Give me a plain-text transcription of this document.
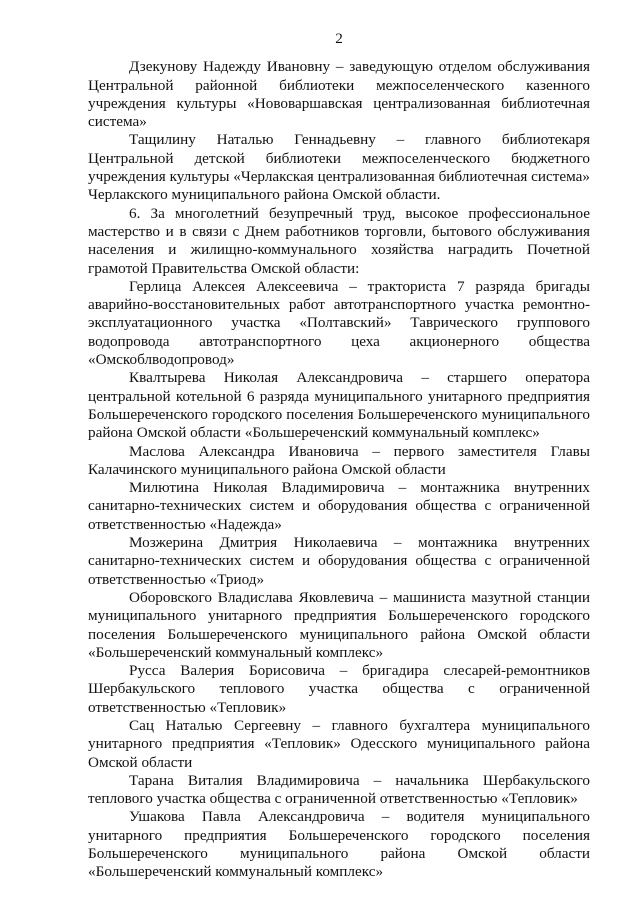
2

Дзекунову Надежду Ивановну – заведующую отделом обслуживания Центральной районной библиотеки межпоселенческого казенного учреждения культуры «Нововаршавская централизованная библиотечная система»

Тащилину Наталью Геннадьевну – главного библиотекаря Центральной детской библиотеки межпоселенческого бюджетного учреждения культуры «Черлакская централизованная библиотечная система» Черлакского муниципального района Омской области.

6. За многолетний безупречный труд, высокое профессиональное мастерство и в связи с Днем работников торговли, бытового обслуживания населения и жилищно-коммунального хозяйства наградить Почетной грамотой Правительства Омской области:

Герлица Алексея Алексеевича – тракториста 7 разряда бригады аварийно-восстановительных работ автотранспортного участка ремонтно-эксплуатационного участка «Полтавский» Таврического группового водопровода автотранспортного цеха акционерного общества «Омскоблводопровод»

Квалтырева Николая Александровича – старшего оператора центральной котельной 6 разряда муниципального унитарного предприятия Большереченского городского поселения Большереченского муниципального района Омской области «Большереченский коммунальный комплекс»

Маслова Александра Ивановича – первого заместителя Главы Калачинского муниципального района Омской области

Милютина Николая Владимировича – монтажника внутренних санитарно-технических систем и оборудования общества с ограниченной ответственностью «Надежда»

Мозжерина Дмитрия Николаевича – монтажника внутренних санитарно-технических систем и оборудования общества с ограниченной ответственностью «Триод»

Оборовского Владислава Яковлевича – машиниста мазутной станции муниципального унитарного предприятия Большереченского городского поселения Большереченского муниципального района Омской области «Большереченский коммунальный комплекс»

Русса Валерия Борисовича – бригадира слесарей-ремонтников Шербакульского теплового участка общества с ограниченной ответственностью «Тепловик»

Сац Наталью Сергеевну – главного бухгалтера муниципального унитарного предприятия «Тепловик» Одесского муниципального района Омской области

Тарана Виталия Владимировича – начальника Шербакульского теплового участка общества с ограниченной ответственностью «Тепловик»

Ушакова Павла Александровича – водителя муниципального унитарного предприятия Большереченского городского поселения Большереченского муниципального района Омской области «Большереченский коммунальный комплекс»
